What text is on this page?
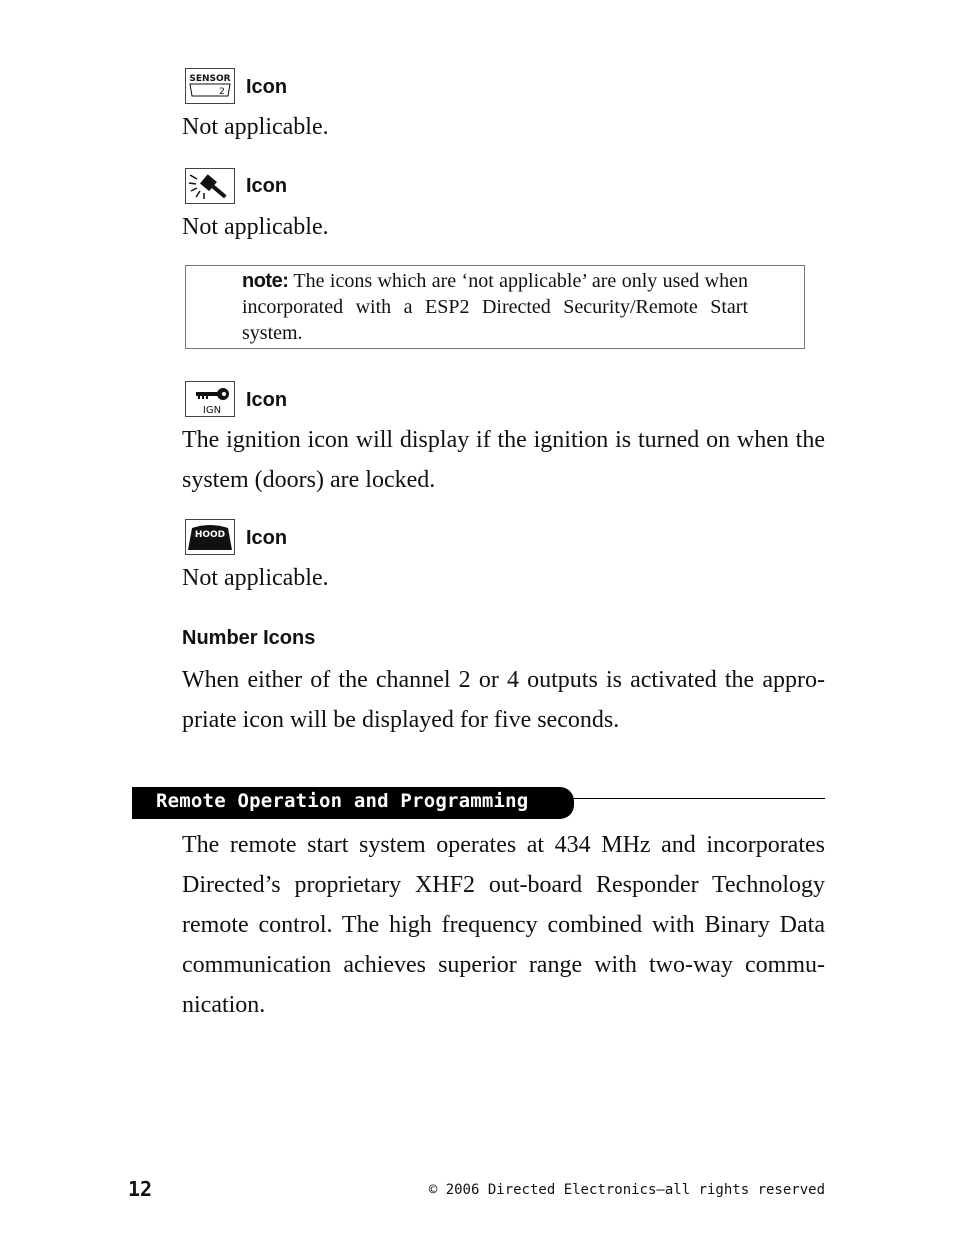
SENSOR
2 Icon
Not applicable.
Icon
Not applicable.
note: The icons which are ‘not applicable’ are only used when incorporated with a ESP2 Directed Security/Remote Start system.
IGN Icon
The ignition icon will display if the ignition is turned on when the system (doors) are locked.
HOOD Icon
Not applicable.
Number Icons
When either of the channel 2 or 4 outputs is activated the appro- priate icon will be displayed for five seconds.
Remote Operation and Programming
The remote start system operates at 434 MHz and incorporates Directed’s proprietary XHF2 out-board Responder Technology remote control. The high frequency combined with Binary Data communication achieves superior range with two-way commu- nication.
12	© 2006 Directed Electronics—all rights reserved
